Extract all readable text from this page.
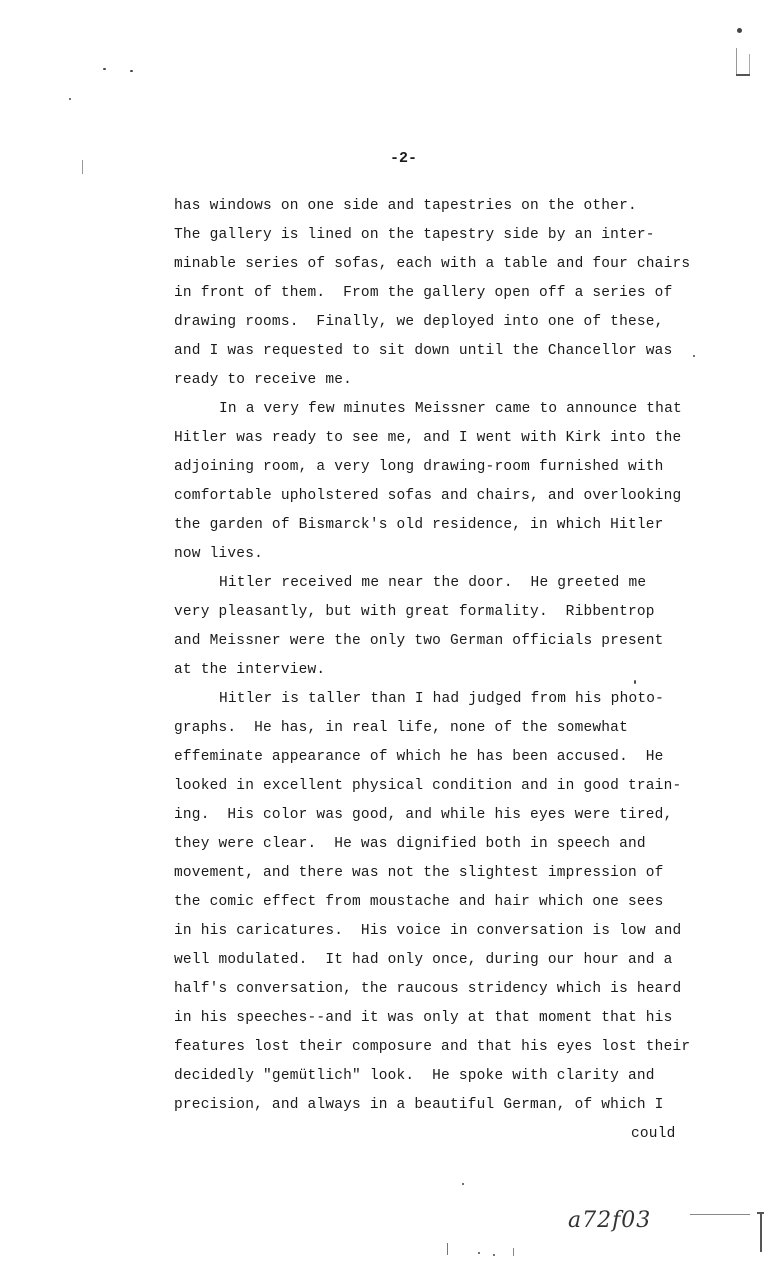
-2-
has windows on one side and tapestries on the other.
The gallery is lined on the tapestry side by an inter-
minable series of sofas, each with a table and four chairs
in front of them.  From the gallery open off a series of
drawing rooms.  Finally, we deployed into one of these,
and I was requested to sit down until the Chancellor was
ready to receive me.
In a very few minutes Meissner came to announce that
Hitler was ready to see me, and I went with Kirk into the
adjoining room, a very long drawing-room furnished with
comfortable upholstered sofas and chairs, and overlooking
the garden of Bismarck's old residence, in which Hitler
now lives.
Hitler received me near the door.  He greeted me
very pleasantly, but with great formality.  Ribbentrop
and Meissner were the only two German officials present
at the interview.
Hitler is taller than I had judged from his photo-
graphs.  He has, in real life, none of the somewhat
effeminate appearance of which he has been accused.  He
looked in excellent physical condition and in good train-
ing.  His color was good, and while his eyes were tired,
they were clear.  He was dignified both in speech and
movement, and there was not the slightest impression of
the comic effect from moustache and hair which one sees
in his caricatures.  His voice in conversation is low and
well modulated.  It had only once, during our hour and a
half's conversation, the raucous stridency which is heard
in his speeches--and it was only at that moment that his
features lost their composure and that his eyes lost their
decidedly "gemütlich" look.  He spoke with clarity and
precision, and always in a beautiful German, of which I
could
a72f03
